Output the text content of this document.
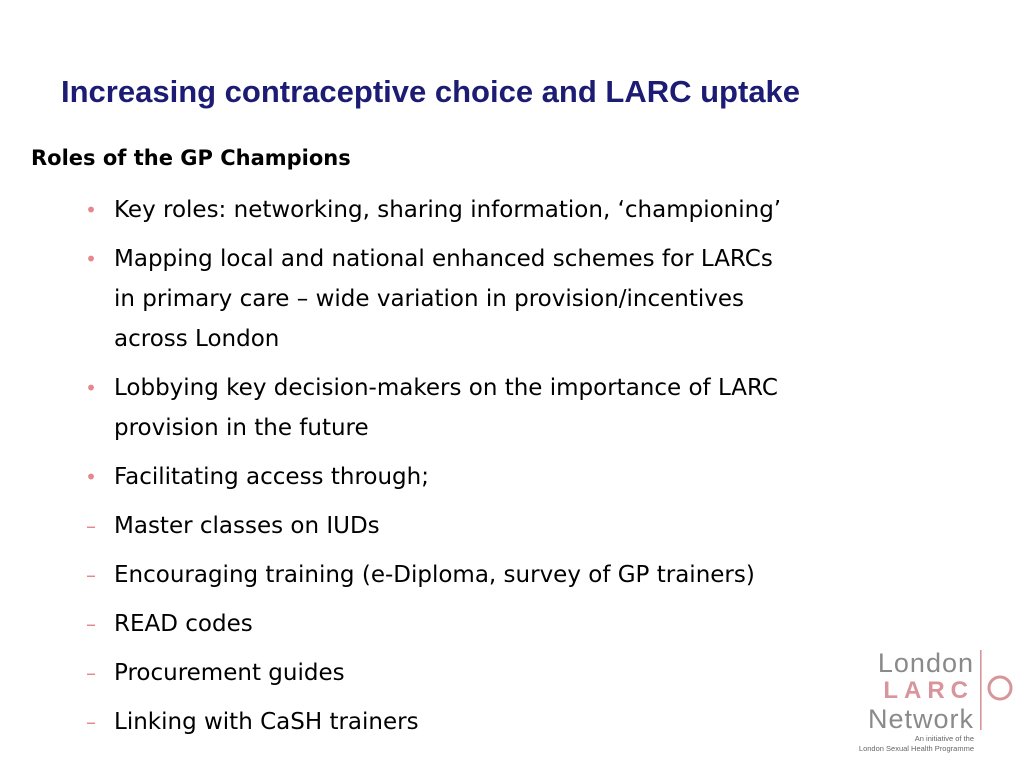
Increasing contraceptive choice and LARC uptake
Roles of the GP Champions
• Key roles: networking, sharing information, ‘championing’
• Mapping local and national enhanced schemes for LARCs
in primary care – wide variation in provision/incentives
across London
• Lobbying key decision-makers on the importance of LARC
provision in the future
• Facilitating access through;
– Master classes on IUDs
– Encouraging training (e-Diploma, survey of GP trainers)
– READ codes
– Procurement guides
– Linking with CaSH trainers
London
LARC
Network
An initiative of the
London Sexual Health Programme
